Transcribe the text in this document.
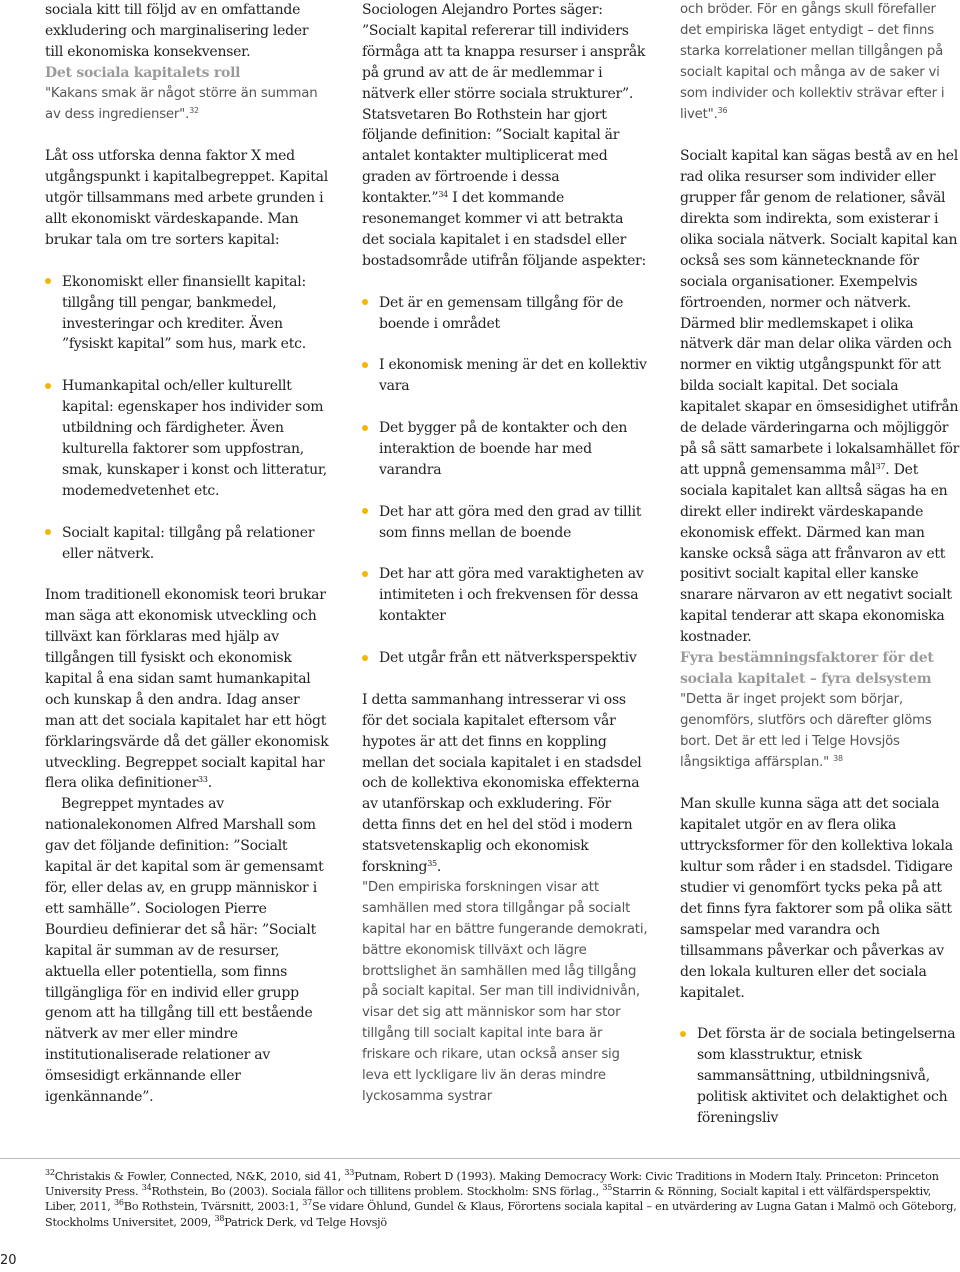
sociala kitt till följd av en omfattande exkludering och marginalisering leder till ekonomiska konsekvenser.

Det sociala kapitalets roll

"Kakans smak är något större än summan av dess ingredienser".$^{32}$

Låt oss utforska denna faktor X med utgångspunkt i kapitalbegreppet. Kapital utgör tillsammans med arbete grunden i allt ekonomiskt värdeskapande. Man brukar tala om tre sorters kapital:

Ekonomiskt eller finansiellt kapital: tillgång till pengar, bankmedel, investeringar och krediter. Även ”fysiskt kapital” som hus, mark etc.

Humankapital och/eller kulturellt kapital: egenskaper hos individer som utbildning och färdigheter. Även kulturella faktorer som uppfostran, smak, kunskaper i konst och litteratur, modemedvetenhet etc.

Socialt kapital: tillgång på relationer eller nätverk.

Inom traditionell ekonomisk teori brukar man säga att ekonomisk utveckling och tillväxt kan förklaras med hjälp av tillgången till fysiskt och ekonomisk kapital å ena sidan samt humankapital och kunskap å den andra. Idag anser man att det sociala kapitalet har ett högt förklaringsvärde då det gäller ekonomisk utveckling. Begreppet socialt kapital har flera olika definitioner$^{33}$.

Begreppet myntades av nationalekonomen Alfred Marshall som gav det följande definition: ”Socialt kapital är det kapital som är gemensamt för, eller delas av, en grupp människor i ett samhälle”. Sociologen Pierre Bourdieu definierar det så här: ”Socialt kapital är summan av de resurser, aktuella eller potentiella, som finns tillgängliga för en individ eller grupp genom att ha tillgång till ett bestående nätverk av mer eller mindre institutionaliserade relationer av ömsesidigt erkännande eller igenkännande”.

Sociologen Alejandro Portes säger: ”Socialt kapital refererar till individers förmåga att ta knappa resurser i anspråk på grund av att de är medlemmar i nätverk eller större sociala strukturer”. Statsvetaren Bo Rothstein har gjort följande definition: ”Socialt kapital är antalet kontakter multiplicerat med graden av förtroende i dessa kontakter.”$^{34}$ I det kommande resonemanget kommer vi att betrakta det sociala kapitalet i en stadsdel eller bostadsområde utifrån följande aspekter:

Det är en gemensam tillgång för de boende i området

I ekonomisk mening är det en kollektiv vara

Det bygger på de kontakter och den interaktion de boende har med varandra

Det har att göra med den grad av tillit som finns mellan de boende

Det har att göra med varaktigheten av intimiteten i och frekvensen för dessa kontakter

Det utgår från ett nätverksperspektiv

I detta sammanhang intresserar vi oss för det sociala kapitalet eftersom vår hypotes är att det finns en koppling mellan det sociala kapitalet i en stadsdel och de kollektiva ekonomiska effekterna av utanförskap och exkludering. För detta finns det en hel del stöd i modern statsvetenskaplig och ekonomisk forskning$^{35}$.

"Den empiriska forskningen visar att samhällen med stora tillgångar på socialt kapital har en bättre fungerande demokrati, bättre ekonomisk tillväxt och lägre brottslighet än samhällen med låg tillgång på socialt kapital. Ser man till individnivån, visar det sig att människor som har stor tillgång till socialt kapital inte bara är friskare och rikare, utan också anser sig leva ett lyckligare liv än deras mindre lyckosamma systrar

och bröder. För en gångs skull förefaller det empiriska läget entydigt – det finns starka korrelationer mellan tillgången på socialt kapital och många av de saker vi som individer och kollektiv strävar efter i livet".$^{36}$

Socialt kapital kan sägas bestå av en hel rad olika resurser som individer eller grupper får genom de relationer, såväl direkta som indirekta, som existerar i olika sociala nätverk. Socialt kapital kan också ses som kännetecknande för sociala organisationer. Exempelvis förtroenden, normer och nätverk. Därmed blir medlemskapet i olika nätverk där man delar olika värden och normer en viktig utgångspunkt för att bilda socialt kapital. Det sociala kapitalet skapar en ömsesidighet utifrån de delade värderingarna och möjliggör på så sätt samarbete i lokalsamhället för att uppnå gemensamma mål$^{37}$. Det sociala kapitalet kan alltså sägas ha en direkt eller indirekt värdeskapande ekonomisk effekt. Därmed kan man kanske också säga att frånvaron av ett positivt socialt kapital eller kanske snarare närvaron av ett negativt socialt kapital tenderar att skapa ekonomiska kostnader.

Fyra bestämningsfaktorer för det sociala kapitalet – fyra delsystem

"Detta är inget projekt som börjar, genomförs, slutförs och därefter glöms bort. Det är ett led i Telge Hovsjös långsiktiga affärsplan." $^{38}$

Man skulle kunna säga att det sociala kapitalet utgör en av flera olika uttrycksformer för den kollektiva lokala kultur som råder i en stadsdel. Tidigare studier vi genomfört tycks peka på att det finns fyra faktorer som på olika sätt samspelar med varandra och tillsammans påverkar och påverkas av den lokala kulturen eller det sociala kapitalet.

Det första är de sociala betingelserna som klasstruktur, etnisk sammansättning, utbildningsnivå, politisk aktivitet och delaktighet och föreningsliv

$^{32}$Christakis & Fowler, Connected, N&K, 2010, sid 41, $^{33}$Putnam, Robert D (1993). Making Democracy Work: Civic Traditions in Modern Italy. Princeton: Princeton University Press. $^{34}$Rothstein, Bo (2003). Sociala fällor och tillitens problem. Stockholm: SNS förlag., $^{35}$Starrin & Rönning, Socialt kapital i ett välfärdsperspektiv, Liber, 2011, $^{36}$Bo Rothstein, Tvärsnitt, 2003:1, $^{37}$Se vidare Öhlund, Gundel & Klaus, Förortens sociala kapital – en utvärdering av Lugna Gatan i Malmö och Göteborg, Stockholms Universitet, 2009, $^{38}$Patrick Derk, vd Telge Hovsjö

20
